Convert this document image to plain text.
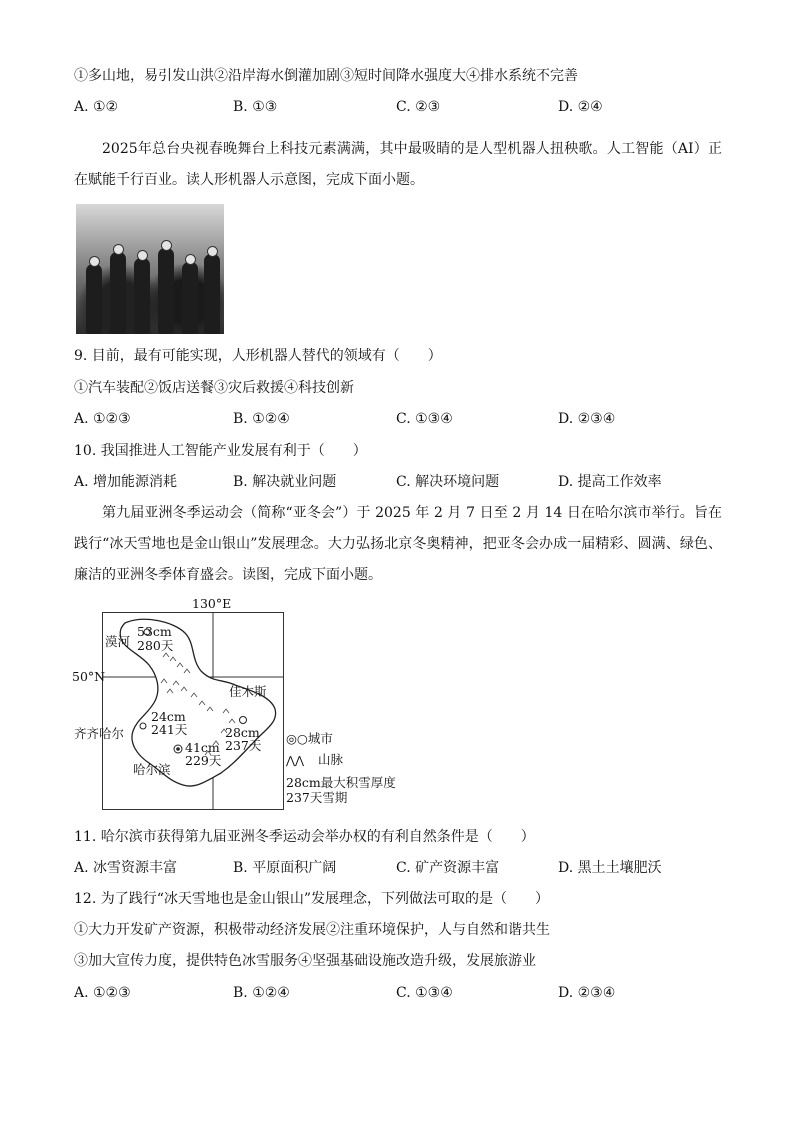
①多山地，易引发山洪②沿岸海水倒灌加剧③短时间降水强度大④排水系统不完善
A. ①②	B. ①③	C. ②③	D. ②④
2025年总台央视春晚舞台上科技元素满满，其中最吸睛的是人型机器人扭秧歌。人工智能（AI）正在赋能千行百业。读人形机器人示意图，完成下面小题。
9. 目前，最有可能实现，人形机器人替代的领域有（　　）
①汽车装配②饭店送餐③灾后救援④科技创新
A. ①②③	B. ①②④	C. ①③④	D. ②③④
10. 我国推进人工智能产业发展有利于（　　）
A. 增加能源消耗	B. 解决就业问题	C. 解决环境问题	D. 提高工作效率
第九届亚洲冬季运动会（简称“亚冬会”）于 2025 年 2 月 7 日至 2 月 14 日在哈尔滨市举行。旨在践行“冰天雪地也是金山银山”发展理念。大力弘扬北京冬奥精神，把亚冬会办成一届精彩、圆满、绿色、廉洁的亚洲冬季体育盛会。读图，完成下面小题。
130°E
53cm
280天
漠河
24cm
241天
41cm
229天
哈尔滨
佳木斯
28cm
237天
50°N
齐齐哈尔	◎○城市
⋀⋀ 山脉
28cm最大积雪厚度
237天雪期
11. 哈尔滨市获得第九届亚洲冬季运动会举办权的有利自然条件是（　　）
A. 冰雪资源丰富	B. 平原面积广阔	C. 矿产资源丰富	D. 黑土土壤肥沃
12. 为了践行“冰天雪地也是金山银山”发展理念，下列做法可取的是（　　）
①大力开发矿产资源，积极带动经济发展②注重环境保护，人与自然和谐共生
③加大宣传力度，提供特色冰雪服务④坚强基础设施改造升级，发展旅游业
A. ①②③	B. ①②④	C. ①③④	D. ②③④
